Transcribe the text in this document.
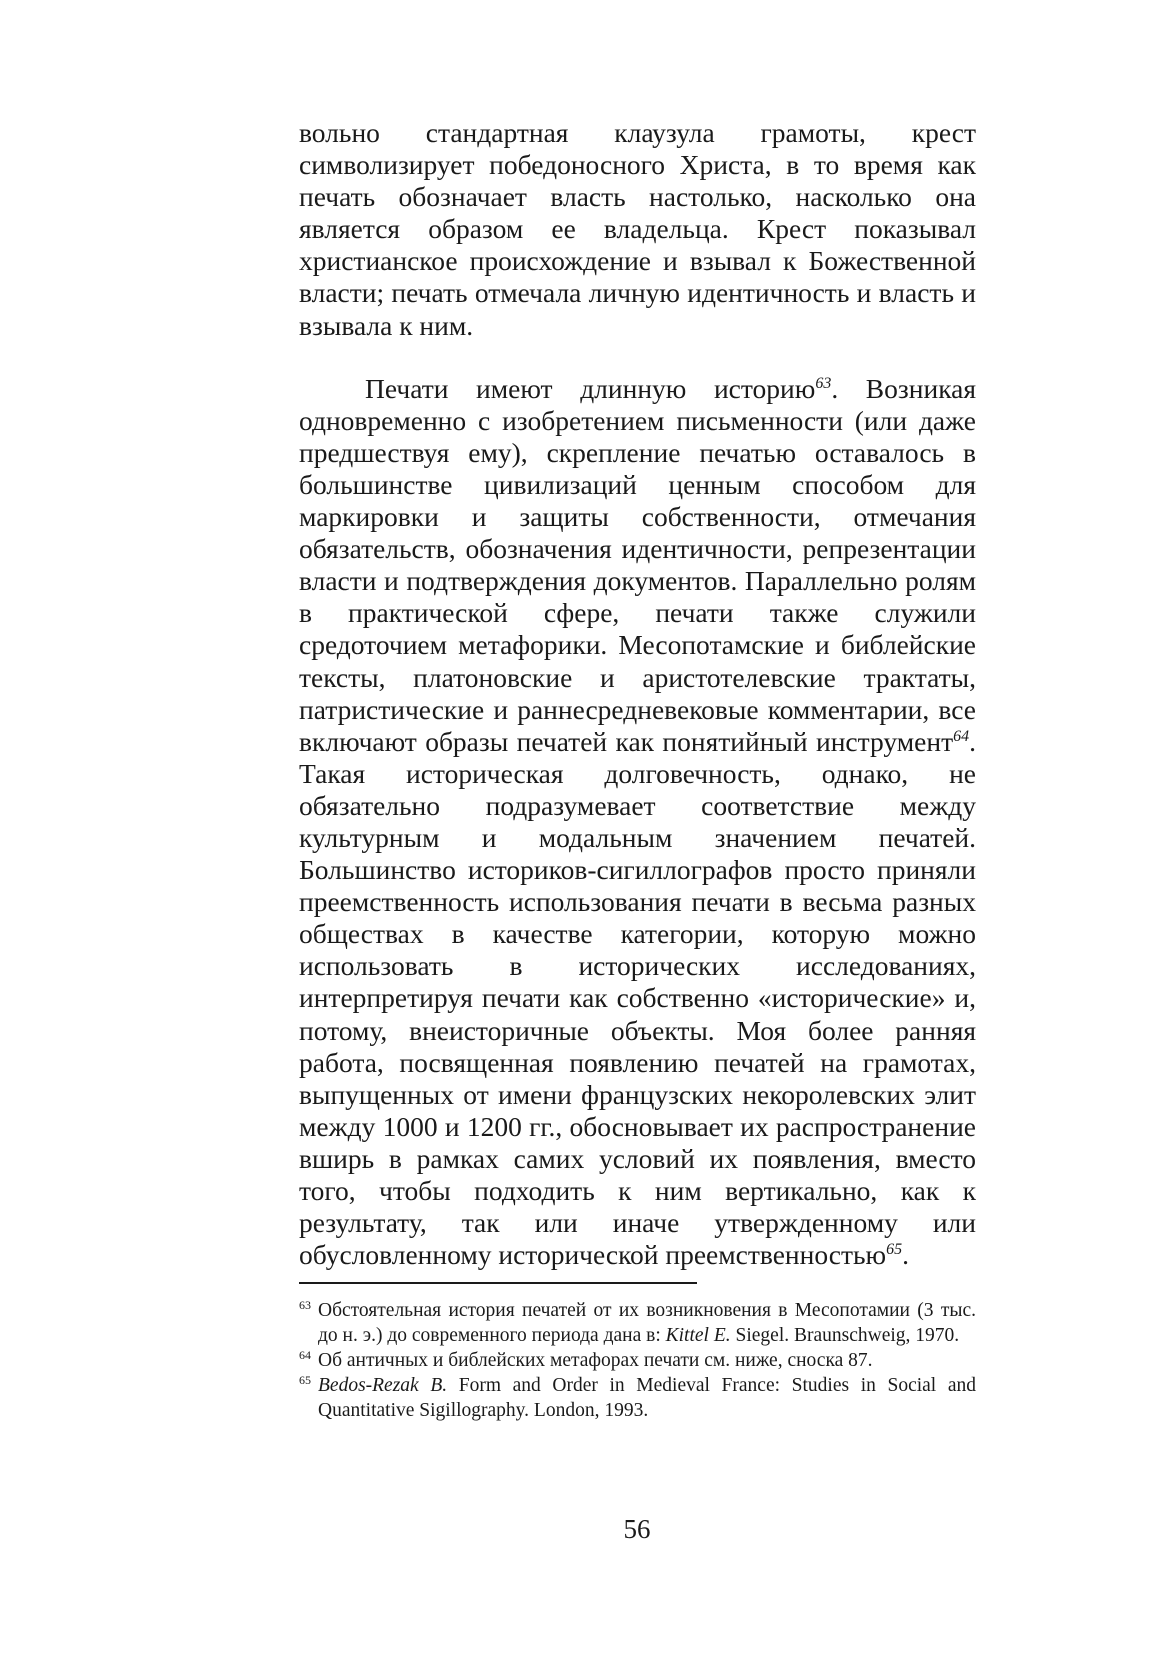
вольно стандартная клаузула грамоты, крест символизирует победоносного Христа, в то время как печать обозначает власть настолько, насколько она является образом ее владельца. Крест показывал христианское происхождение и взывал к Божественной власти; печать отмечала личную идентичность и власть и взывала к ним.

Печати имеют длинную историю$^{63}$. Возникая одновременно с изобретением письменности (или даже предшествуя ему), скрепление печатью оставалось в большинстве цивилизаций ценным способом для маркировки и защиты собственности, отмечания обязательств, обозначения идентичности, репрезентации власти и подтверждения документов. Параллельно ролям в практической сфере, печати также служили средоточием метафорики. Месопотамские и библейские тексты, платоновские и аристотелевские трактаты, патристические и раннесредневековые комментарии, все включают образы печатей как понятийный инструмент$^{64}$. Такая историческая долговечность, однако, не обязательно подразумевает соответствие между культурным и модальным значением печатей. Большинство историков-сигиллографов просто приняли преемственность использования печати в весьма разных обществах в качестве категории, которую можно использовать в исторических исследованиях, интерпретируя печати как собственно «исторические» и, потому, внеисторичные объекты. Моя более ранняя работа, посвященная появлению печатей на грамотах, выпущенных от имени французских некоролевских элит между 1000 и 1200 гг., обосновывает их распространение вширь в рамках самих условий их появления, вместо того, чтобы подходить к ним вертикально, как к результату, так или иначе утвержденному или обусловленному исторической преемственностью$^{65}$.

$^{63}$ Обстоятельная история печатей от их возникновения в Месопотамии (3 тыс. до н. э.) до современного периода дана в: Kittel E. Siegel. Braunschweig, 1970.

$^{64}$ Об античных и библейских метафорах печати см. ниже, сноска 87.

$^{65}$ Bedos-Rezak B. Form and Order in Medieval France: Studies in Social and Quantitative Sigillography. London, 1993.

56
